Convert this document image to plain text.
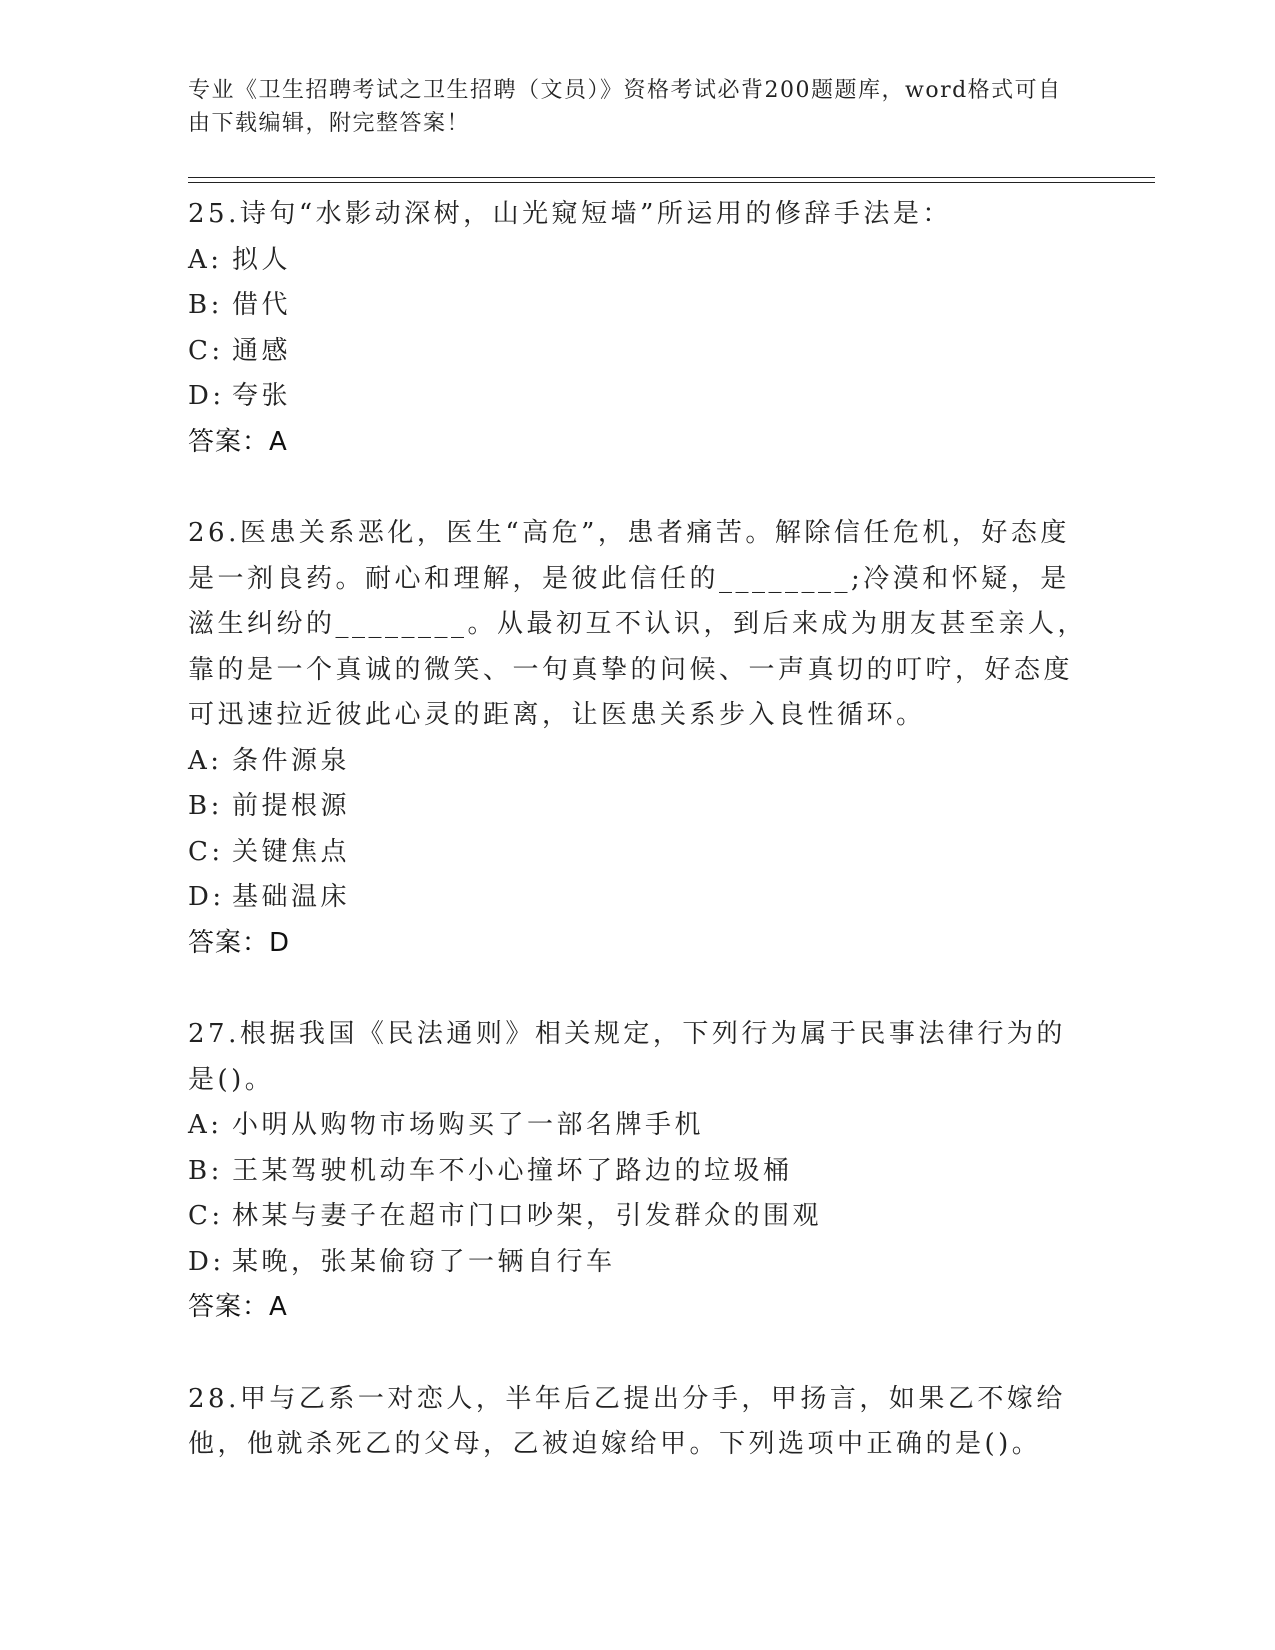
专业《卫生招聘考试之卫生招聘（文员）》资格考试必背200题题库，word格式可自由下载编辑，附完整答案！

25.诗句“水影动深树，山光窥短墙”所运用的修辞手法是：

A: 拟人

B: 借代

C: 通感

D: 夸张

答案：A

26.医患关系恶化，医生“高危”，患者痛苦。解除信任危机，好态度是一剂良药。耐心和理解，是彼此信任的________;冷漠和怀疑，是滋生纠纷的________。从最初互不认识，到后来成为朋友甚至亲人，靠的是一个真诚的微笑、一句真挚的问候、一声真切的叮咛，好态度可迅速拉近彼此心灵的距离，让医患关系步入良性循环。

A: 条件源泉

B: 前提根源

C: 关键焦点

D: 基础温床

答案：D

27.根据我国《民法通则》相关规定，下列行为属于民事法律行为的是()。

A: 小明从购物市场购买了一部名牌手机

B: 王某驾驶机动车不小心撞坏了路边的垃圾桶

C: 林某与妻子在超市门口吵架，引发群众的围观

D: 某晚，张某偷窃了一辆自行车

答案：A

28.甲与乙系一对恋人，半年后乙提出分手，甲扬言，如果乙不嫁给他，他就杀死乙的父母，乙被迫嫁给甲。下列选项中正确的是()。
